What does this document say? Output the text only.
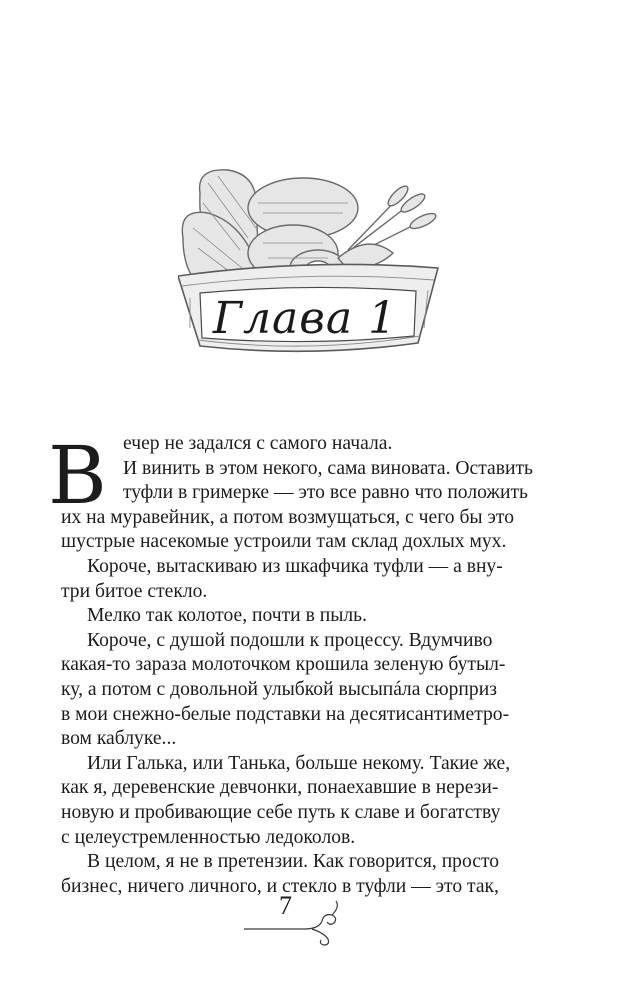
Глава 1
В ечер не задался с самого начала.
И винить в этом некого, сама виновата. Оставить
туфли в гримерке — это все равно что положить
их на муравейник, а потом возмущаться, с чего бы это
шустрые насекомые устроили там склад дохлых мух.
Короче, вытаскиваю из шкафчика туфли — а вну-
три битое стекло.
Мелко так колотое, почти в пыль.
Короче, с душой подошли к процессу. Вдумчиво
какая-то зараза молоточком крошила зеленую бутыл-
ку, а потом с довольной улыбкой высыпáла сюрприз
в мои снежно-белые подставки на десятисантиметро-
вом каблуке...
Или Галька, или Танька, больше некому. Такие же,
как я, деревенские девчонки, понаехавшие в нерези-
новую и пробивающие себе путь к славе и богатству
с целеустремленностью ледоколов.
В целом, я не в претензии. Как говорится, просто
бизнес, ничего личного, и стекло в туфли — это так,
7
